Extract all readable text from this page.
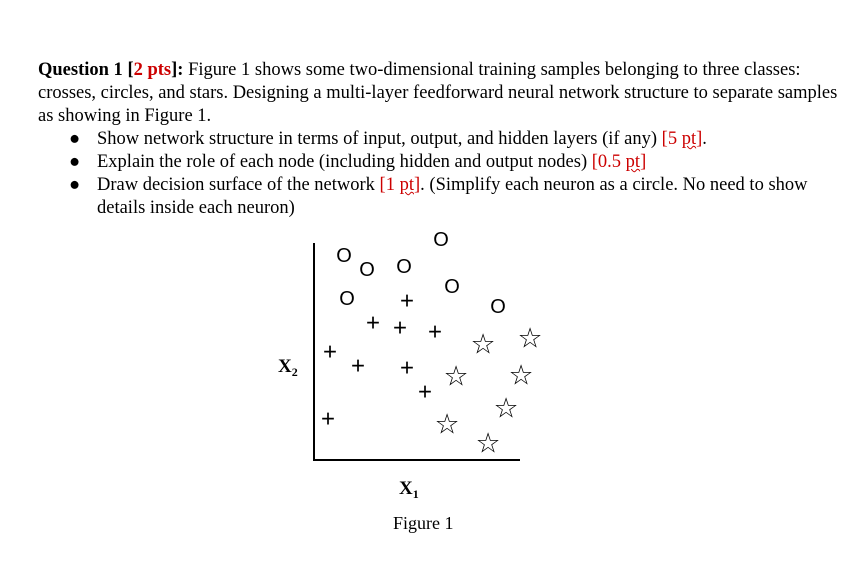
Question 1 [2 pts]: Figure 1 shows some two-dimensional training samples belonging to three classes: crosses, circles, and stars. Designing a multi-layer feedforward neural network structure to separate samples as showing in Figure 1.

● Show network structure in terms of input, output, and hidden layers (if any) [5 pt].
● Explain the role of each node (including hidden and output nodes) [0.5 pt]
● Draw decision surface of the network [1 pt]. (Simplify each neuron as a circle. No need to show details inside each neuron)
O
O O
O
O
O
O
+
+ + +
+
+ +
+
+
☆ ☆
☆ ☆
☆
☆
☆
$X_2$
$X_1$
Figure 1
